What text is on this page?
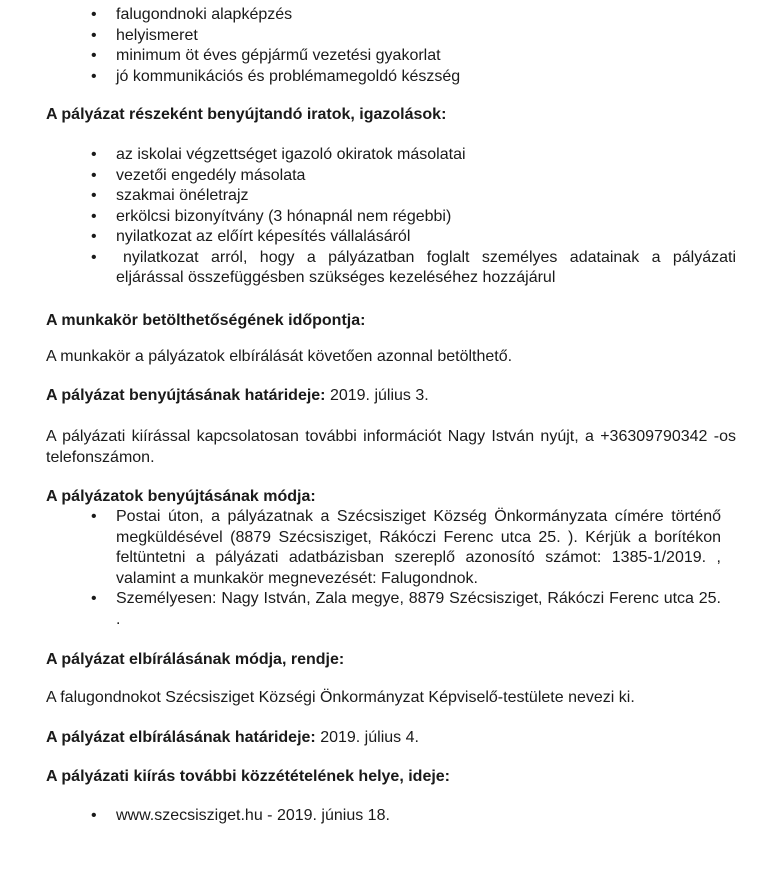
• falugondnoki alapképzés

• helyismeret

• minimum öt éves gépjármű vezetési gyakorlat

• jó kommunikációs és problémamegoldó készség

A pályázat részeként benyújtandó iratok, igazolások:
• az iskolai végzettséget igazoló okiratok másolatai

• vezetői engedély másolata

• szakmai önéletrajz

• erkölcsi bizonyítvány (3 hónapnál nem régebbi)

• nyilatkozat az előírt képesítés vállalásáról

•	nyilatkozat arról, hogy a pályázatban foglalt személyes adatainak a pályázati eljárással összefüggésben szükséges kezeléséhez hozzájárul
A munkakör betölthetőségének időpontja:
A munkakör a pályázatok elbírálását követően azonnal betölthető.
A pályázat benyújtásának határideje: 2019. július 3.
A pályázati kiírással kapcsolatosan további információt Nagy István nyújt, a +36309790342 -os telefonszámon.
A pályázatok benyújtásának módja:
• Postai úton, a pályázatnak a Szécsisziget Község Önkormányzata címére történő megküldésével (8879 Szécsisziget, Rákóczi Ferenc utca 25. ). Kérjük a borítékon feltüntetni a pályázati adatbázisban szereplő azonosító számot: 1385-1/2019. , valamint a munkakör megnevezését: Falugondnok.
• Személyesen: Nagy István, Zala megye, 8879 Szécsisziget, Rákóczi Ferenc utca 25. .
A pályázat elbírálásának módja, rendje:
A falugondnokot Szécsisziget Községi Önkormányzat Képviselő-testülete nevezi ki.
A pályázat elbírálásának határideje: 2019. július 4.
A pályázati kiírás további közzétételének helye, ideje:
• www.szecsisziget.hu - 2019. június 18.
